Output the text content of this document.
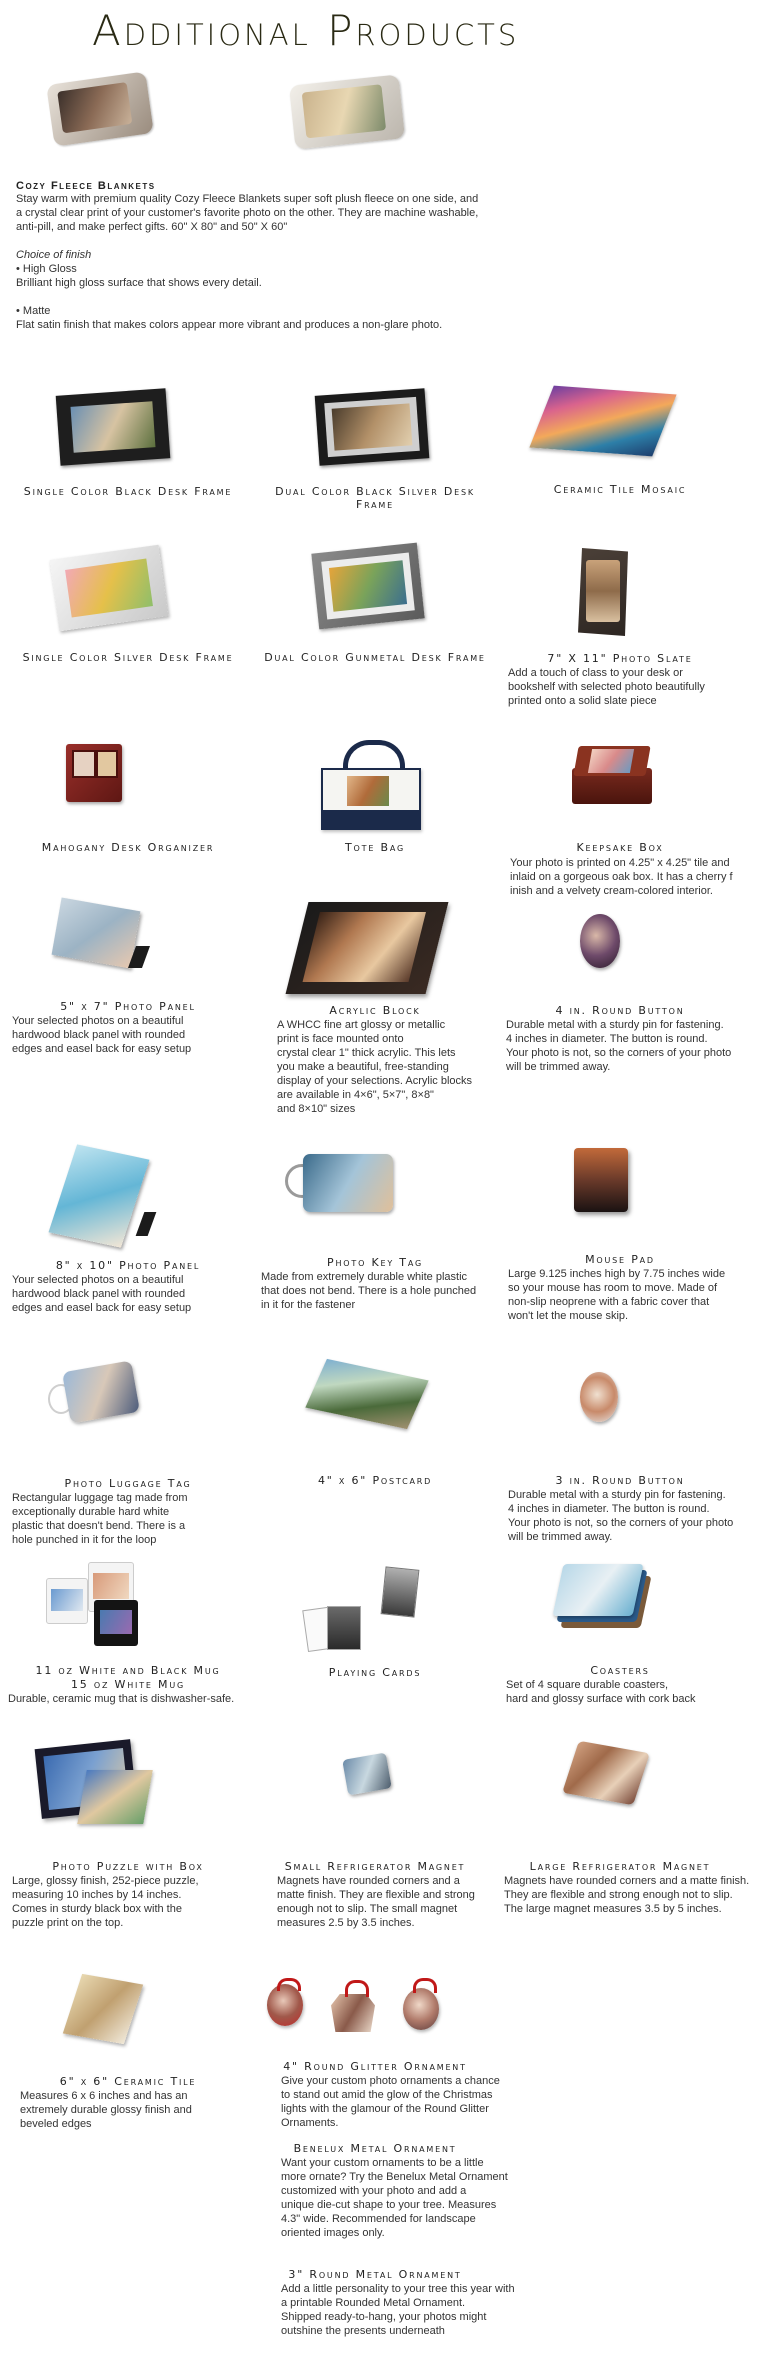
Additional Products
Cozy Fleece Blankets
Stay warm with premium quality Cozy Fleece Blankets super soft plush fleece on one side, and
a crystal clear print of your customer's favorite photo on the other. They are machine washable,
anti-pill, and make perfect gifts. 60" X 80" and 50" X 60"
Choice of finish
• High Gloss
Brilliant high gloss surface that shows every detail.
• Matte
Flat satin finish that makes colors appear more vibrant and produces a non-glare photo.
Single Color Black Desk Frame	Dual Color Black Silver Desk Frame
Ceramic Tile Mosaic
Single Color Silver Desk Frame	Dual Color Gunmetal Desk Frame	7" X 11" Photo Slate
Add a touch of class to your desk or
bookshelf with selected photo beautifully
printed onto a solid slate piece
Mahogany Desk Organizer	Tote Bag	Keepsake Box
Your photo is printed on 4.25" x 4.25" tile and
inlaid on a gorgeous oak box. It has a cherry f
inish and a velvety cream-colored interior.
5" x 7" Photo Panel
Your selected photos on a beautiful
hardwood black panel with rounded
edges and easel back for easy setup
Acrylic Block
A WHCC fine art glossy or metallic
print is face mounted onto
crystal clear 1" thick acrylic. This lets
you make a beautiful, free-standing
display of your selections. Acrylic blocks
are available in 4×6", 5×7", 8×8"
and 8×10" sizes
4 in. Round Button
Durable metal with a sturdy pin for fastening.
4 inches in diameter. The button is round.
Your photo is not, so the corners of your photo
will be trimmed away.
8" x 10" Photo Panel
Your selected photos on a beautiful
hardwood black panel with rounded
edges and easel back for easy setup
Photo Key Tag
Made from extremely durable white plastic
that does not bend. There is a hole punched
in it for the fastener
Mouse Pad
Large 9.125 inches high by 7.75 inches wide
so your mouse has room to move. Made of
non-slip neoprene with a fabric cover that
won't let the mouse skip.
Photo Luggage Tag
Rectangular luggage tag made from
exceptionally durable hard white
plastic that doesn't bend. There is a
hole punched in it for the loop
4" x 6" Postcard	3 in. Round Button
Durable metal with a sturdy pin for fastening.
4 inches in diameter. The button is round.
Your photo is not, so the corners of your photo
will be trimmed away.
11 oz White and Black Mug
15 oz White Mug
Durable, ceramic mug that is dishwasher-safe.
Playing Cards	Coasters
Set of 4 square durable coasters,
hard and glossy surface with cork back
Photo Puzzle with Box
Large, glossy finish, 252-piece puzzle,
measuring 10 inches by 14 inches.
Comes in sturdy black box with the
puzzle print on the top.
Small Refrigerator Magnet
Magnets have rounded corners and a
matte finish. They are flexible and strong
enough not to slip. The small magnet
measures 2.5 by 3.5 inches.
Large Refrigerator Magnet
Magnets have rounded corners and a matte finish.
They are flexible and strong enough not to slip.
The large magnet measures 3.5 by 5 inches.
6" x 6" Ceramic Tile
Measures 6 x 6 inches and has an
extremely durable glossy finish and
beveled edges
4" Round Glitter Ornament
Give your custom photo ornaments a chance
to stand out amid the glow of the Christmas
lights with the glamour of the Round Glitter
Ornaments.
Benelux Metal Ornament
Want your custom ornaments to be a little
more ornate? Try the Benelux Metal Ornament
customized with your photo and add a
unique die-cut shape to your tree. Measures
4.3" wide. Recommended for landscape
oriented images only.
3" Round Metal Ornament
Add a little personality to your tree this year with
a printable Rounded Metal Ornament.
Shipped ready-to-hang, your photos might
outshine the presents underneath
